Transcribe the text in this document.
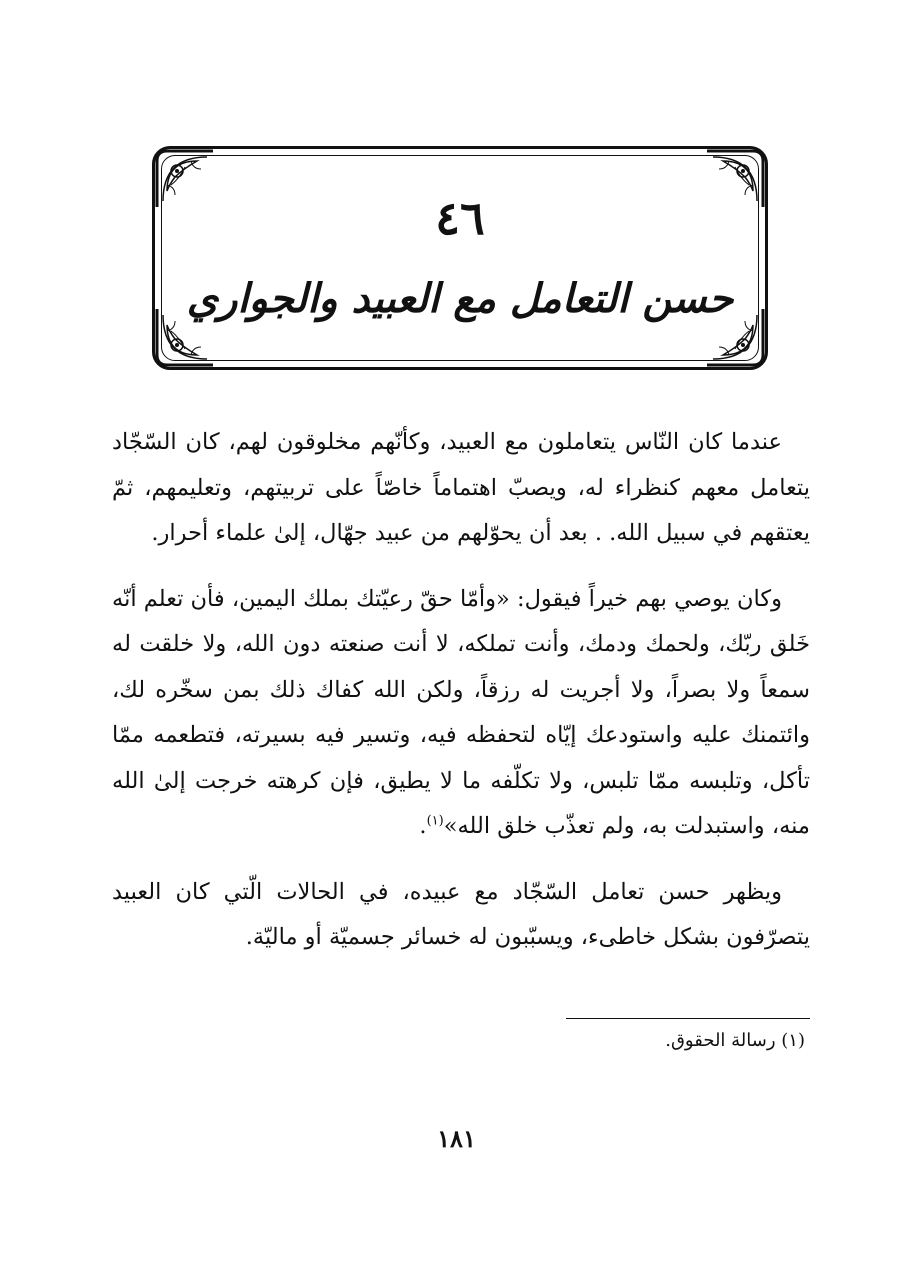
٤٦
حسن التعامل مع العبيد والجواري

عندما كان النّاس يتعاملون مع العبيد، وكأنّهم مخلوقون لهم، كان السّجّاد يتعامل معهم كنظراء له، ويصبّ اهتماماً خاصّاً على تربيتهم، وتعليمهم، ثمّ يعتقهم في سبيل الله. . بعد أن يحوّلهم من عبيد جهّال، إلىٰ علماء أحرار.

وكان يوصي بهم خيراً فيقول: «وأمّا حقّ رعيّتك بملك اليمين، فأن تعلم أنّه خَلق ربّك، ولحمك ودمك، وأنت تملكه، لا أنت صنعته دون الله، ولا خلقت له سمعاً ولا بصراً، ولا أجريت له رزقاً، ولكن الله كفاك ذلك بمن سخّره لك، وائتمنك عليه واستودعك إيّاه لتحفظه فيه، وتسير فيه بسيرته، فتطعمه ممّا تأكل، وتلبسه ممّا تلبس، ولا تكلّفه ما لا يطيق، فإن كرهته خرجت إلىٰ الله منه، واستبدلت به، ولم تعذّب خلق الله»$^{(١)}$.

ويظهر حسن تعامل السّجّاد مع عبيده، في الحالات الّتي كان العبيد يتصرّفون بشكل خاطىء، ويسبّبون له خسائر جسميّة أو ماليّة.

(١) رسالة الحقوق.
١٨١
